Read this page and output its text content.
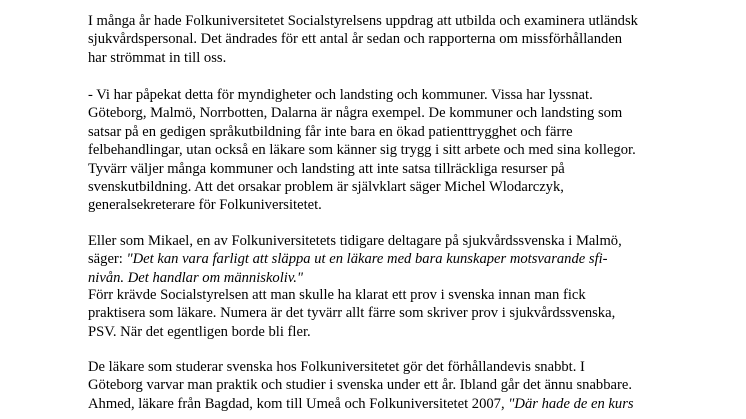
I många år hade Folkuniversitetet Socialstyrelsens uppdrag att utbilda och examinera utländsk
sjukvårdspersonal. Det ändrades för ett antal år sedan och rapporterna om missförhållanden
har strömmat in till oss.

- Vi har påpekat detta för myndigheter och landsting och kommuner. Vissa har lyssnat.
Göteborg, Malmö, Norrbotten, Dalarna är några exempel. De kommuner och landsting som
satsar på en gedigen språkutbildning får inte bara en ökad patienttrygghet och färre
felbehandlingar, utan också en läkare som känner sig trygg i sitt arbete och med sina kollegor.
Tyvärr väljer många kommuner och landsting att inte satsa tillräckliga resurser på
svenskutbildning. Att det orsakar problem är självklart säger Michel Wlodarczyk,
generalsekreterare för Folkuniversitetet.

Eller som Mikael, en av Folkuniversitetets tidigare deltagare på sjukvårdssvenska i Malmö,
säger: "Det kan vara farligt att släppa ut en läkare med bara kunskaper motsvarande sfi-
nivån. Det handlar om människoliv."

Förr krävde Socialstyrelsen att man skulle ha klarat ett prov i svenska innan man fick
praktisera som läkare. Numera är det tyvärr allt färre som skriver prov i sjukvårdssvenska,
PSV. När det egentligen borde bli fler.

De läkare som studerar svenska hos Folkuniversitetet gör det förhållandevis snabbt. I
Göteborg varvar man praktik och studier i svenska under ett år. Ibland går det ännu snabbare.
Ahmed, läkare från Bagdad, kom till Umeå och Folkuniversitetet 2007, "Där hade de en kurs
